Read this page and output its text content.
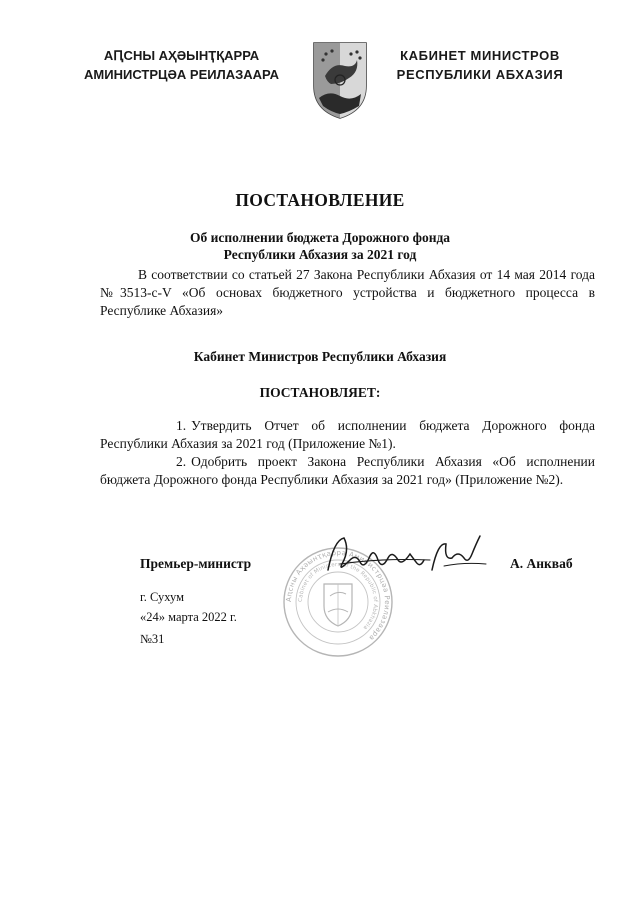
АԤСНЫ АҲӘЫНҬҚАРРА
АМИНИСТРЦӘА РЕИЛАЗААРА
КАБИНЕТ МИНИСТРОВ
РЕСПУБЛИКИ АБХАЗИЯ
ПОСТАНОВЛЕНИЕ
Об исполнении бюджета Дорожного фонда
Республики Абхазия за 2021 год
В соответствии со статьей 27 Закона Республики Абхазия от 14 мая 2014 года №3513-с-V «Об основах бюджетного устройства и бюджетного процесса в Республике Абхазия»
Кабинет Министров Республики Абхазия
ПОСТАНОВЛЯЕТ:
1. Утвердить Отчет об исполнении бюджета Дорожного фонда Республики Абхазия за 2021 год (Приложение №1).
2. Одобрить проект Закона Республики Абхазия «Об исполнении бюджета Дорожного фонда Республики Абхазия за 2021 год» (Приложение №2).
Аԥсны Аҳәынҭқарра Аминистрцәа Реилазаара
Cabinet of Ministers of the Republic of Abkhazia
Премьер-министр	А. Анкваб
г. Сухум
«24» марта 2022 г.
№31
